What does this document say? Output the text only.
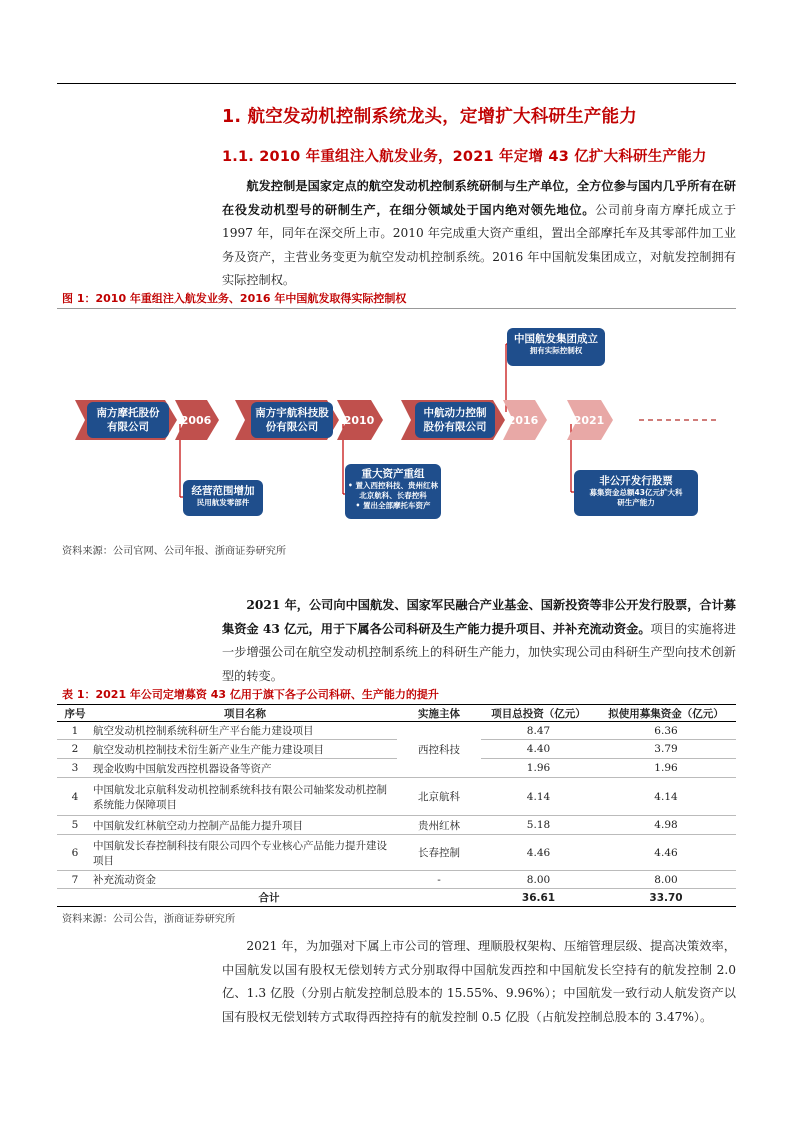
1. 航空发动机控制系统龙头，定增扩大科研生产能力
1.1. 2010 年重组注入航发业务，2021 年定增 43 亿扩大科研生产能力
航发控制是国家定点的航空发动机控制系统研制与生产单位，全方位参与国内几乎所有在研在役发动机型号的研制生产，在细分领域处于国内绝对领先地位。公司前身南方摩托成立于 1997 年，同年在深交所上市。2010 年完成重大资产重组，置出全部摩托车及其零部件加工业务及资产，主营业务变更为航空发动机控制系统。2016 年中国航发集团成立，对航发控制拥有实际控制权。
图 1：2010 年重组注入航发业务、2016 年中国航发取得实际控制权
2006	2010	2016	2021
南方摩托股份有限公司
南方宇航科技股份有限公司
中航动力控制股份有限公司
中国航发集团成立
拥有实际控制权
经营范围增加
民用航发零部件
重大资产重组
• 置入西控科技、贵州红林
北京航科、长春控科
• 置出全部摩托车资产
非公开发行股票
募集资金总额43亿元扩大科
研生产能力
资料来源：公司官网、公司年报、浙商证券研究所
2021 年，公司向中国航发、国家军民融合产业基金、国新投资等非公开发行股票，合计募集资金 43 亿元，用于下属各公司科研及生产能力提升项目、并补充流动资金。项目的实施将进一步增强公司在航空发动机控制系统上的科研生产能力，加快实现公司由科研生产型向技术创新型的转变。
表 1：2021 年公司定增募资 43 亿用于旗下各子公司科研、生产能力的提升
序号	项目名称	实施主体	项目总投资（亿元）	拟使用募集资金（亿元）
1	航空发动机控制系统科研生产平台能力建设项目	西控科技	8.47	6.36
2	航空发动机控制技术衍生新产业生产能力建设项目		4.40	3.79
3	现金收购中国航发西控机器设备等资产		1.96	1.96
4	中国航发北京航科发动机控制系统科技有限公司轴桨发动机控制系统能力保障项目	北京航科	4.14	4.14
5	中国航发红林航空动力控制产品能力提升项目	贵州红林	5.18	4.98
6	中国航发长春控制科技有限公司四个专业核心产品能力提升建设项目	长春控制	4.46	4.46
7	补充流动资金	-	8.00	8.00
合计			36.61	33.70
资料来源：公司公告，浙商证券研究所
2021 年，为加强对下属上市公司的管理、理顺股权架构、压缩管理层级、提高决策效率，中国航发以国有股权无偿划转方式分别取得中国航发西控和中国航发长空持有的航发控制 2.0 亿、1.3 亿股（分别占航发控制总股本的 15.55%、9.96%）；中国航发一致行动人航发资产以国有股权无偿划转方式取得西控持有的航发控制 0.5 亿股（占航发控制总股本的 3.47%）。
